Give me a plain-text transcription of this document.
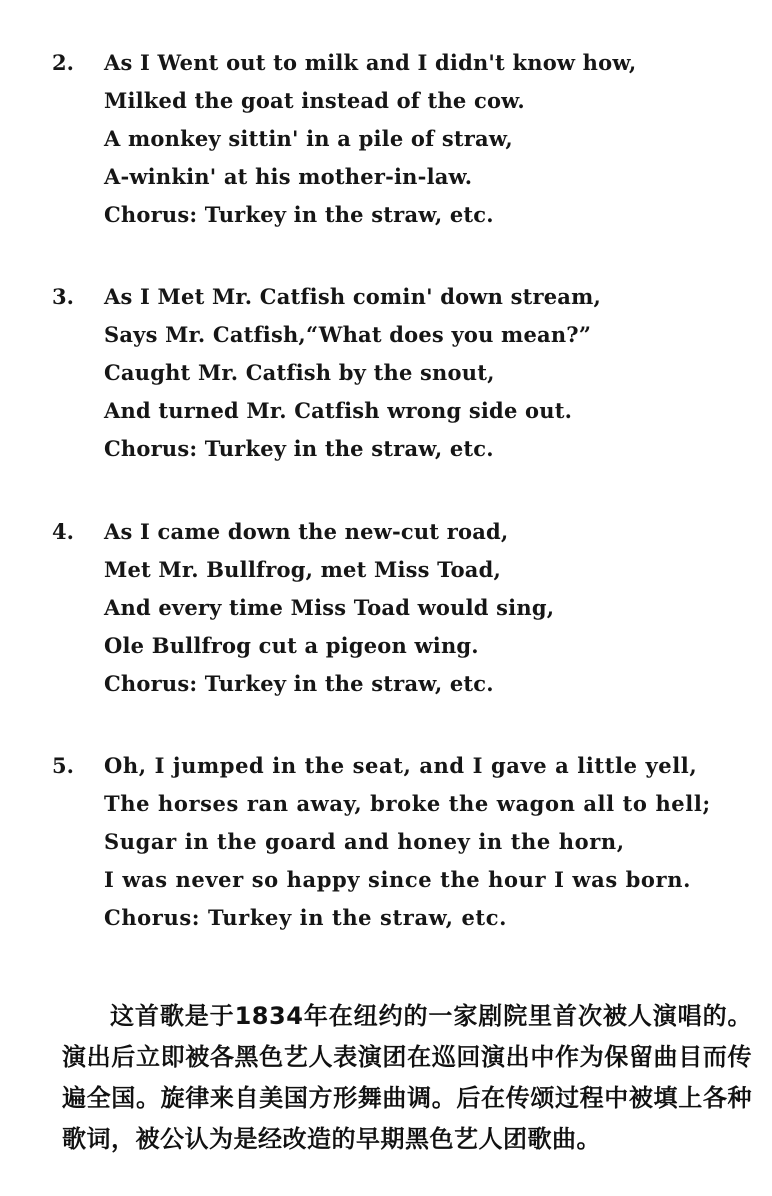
2. As I Went out to milk and I didn't know how,
Milked the goat instead of the cow.
A monkey sittin' in a pile of straw,
A-winkin' at his mother-in-law.
Chorus: Turkey in the straw, etc.
3. As I Met Mr. Catfish comin' down stream,
Says Mr. Catfish,“What does you mean?”
Caught Mr. Catfish by the snout,
And turned Mr. Catfish wrong side out.
Chorus: Turkey in the straw, etc.
4. As I came down the new-cut road,
Met Mr. Bullfrog, met Miss Toad,
And every time Miss Toad would sing,
Ole Bullfrog cut a pigeon wing.
Chorus: Turkey in the straw, etc.
5. Oh, I jumped in the seat, and I gave a little yell,
The horses ran away, broke the wagon all to hell;
Sugar in the goard and honey in the horn,
I was never so happy since the hour I was born.
Chorus: Turkey in the straw, etc.

这首歌是于1834年在纽约的一家剧院里首次被人演唱的。演出后立即被各黑色艺人表演团在巡回演出中作为保留曲目而传遍全国。旋律来自美国方形舞曲调。后在传颂过程中被填上各种歌词，被公认为是经改造的早期黑色艺人团歌曲。
